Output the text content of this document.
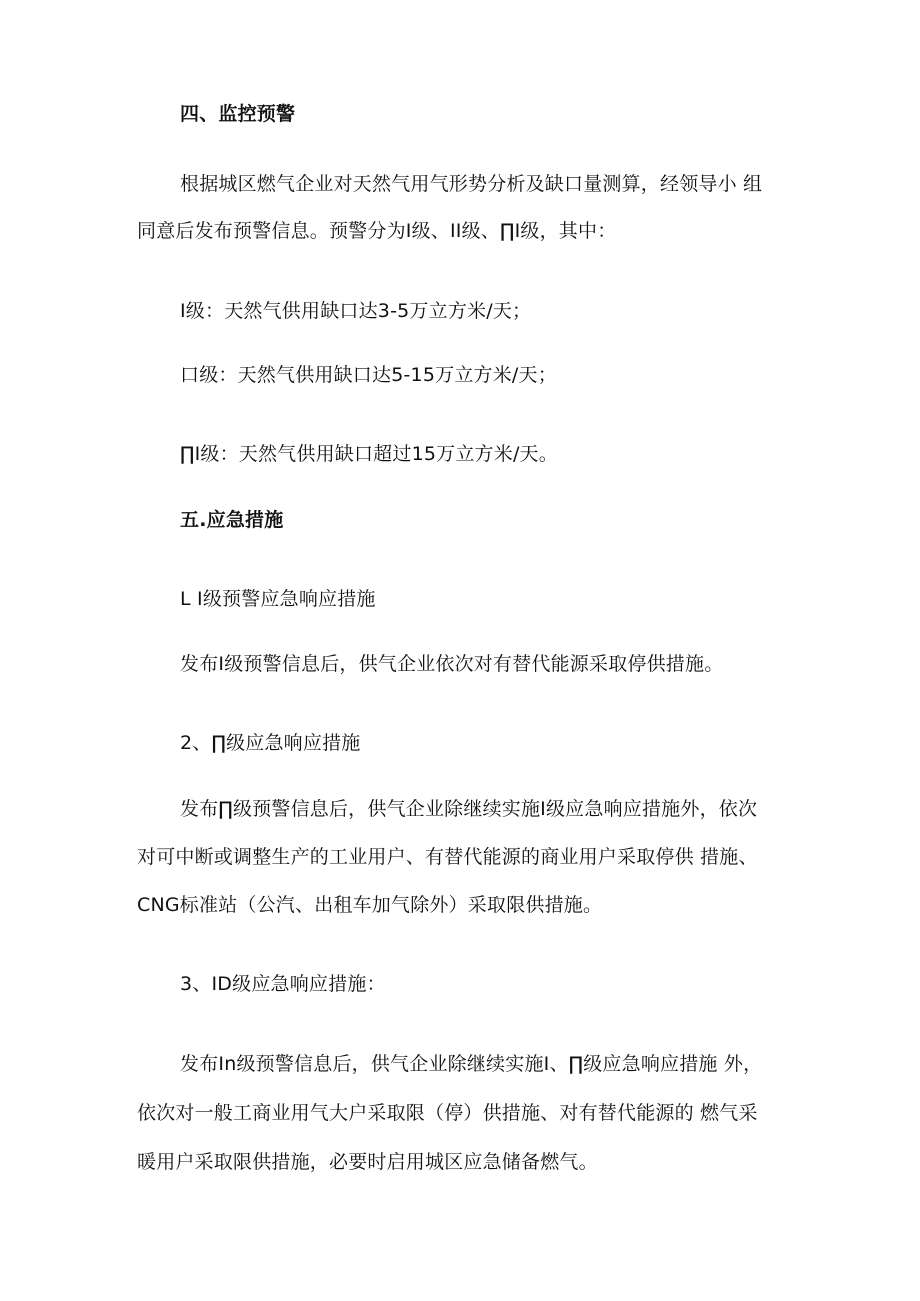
四、监控预警
根据城区燃气企业对天然气用气形势分析及缺口量测算，经领导小 组
同意后发布预警信息。预警分为I级、II级、∏I级，其中：
I级：天然气供用缺口达3-5万立方米/天；
口级：天然气供用缺口达5-15万立方米/天；
∏I级：天然气供用缺口超过15万立方米/天。
五.应急措施
L I级预警应急响应措施
发布I级预警信息后，供气企业依次对有替代能源采取停供措施。
2、∏级应急响应措施
发布∏级预警信息后，供气企业除继续实施I级应急响应措施外，依次
对可中断或调整生产的工业用户、有替代能源的商业用户采取停供 措施、
CNG标准站（公汽、出租车加气除外）采取限供措施。
3、ID级应急响应措施：
发布In级预警信息后，供气企业除继续实施I、∏级应急响应措施 外，
依次对一般工商业用气大户采取限（停）供措施、对有替代能源的 燃气采
暖用户采取限供措施，必要时启用城区应急储备燃气。
